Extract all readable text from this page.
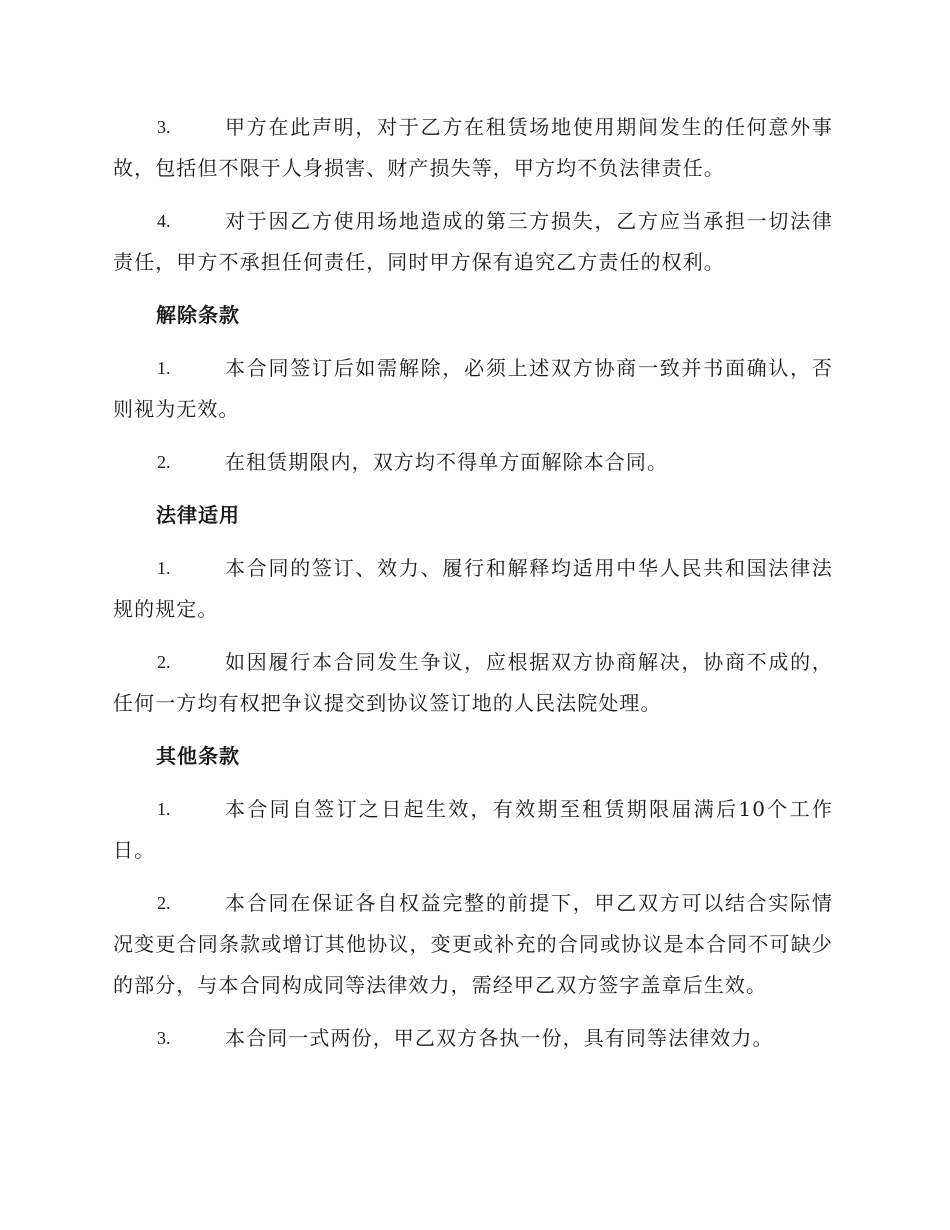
3.	甲方在此声明，对于乙方在租赁场地使用期间发生的任何意外事故，包括但不限于人身损害、财产损失等，甲方均不负法律责任。

4.	对于因乙方使用场地造成的第三方损失，乙方应当承担一切法律责任，甲方不承担任何责任，同时甲方保有追究乙方责任的权利。

解除条款

1.	本合同签订后如需解除，必须上述双方协商一致并书面确认，否则视为无效。

2.	在租赁期限内，双方均不得单方面解除本合同。

法律适用

1.	本合同的签订、效力、履行和解释均适用中华人民共和国法律法规的规定。

2.	如因履行本合同发生争议，应根据双方协商解决，协商不成的，任何一方均有权把争议提交到协议签订地的人民法院处理。

其他条款

1.	本合同自签订之日起生效，有效期至租赁期限届满后10个工作日。

2.	本合同在保证各自权益完整的前提下，甲乙双方可以结合实际情况变更合同条款或增订其他协议，变更或补充的合同或协议是本合同不可缺少的部分，与本合同构成同等法律效力，需经甲乙双方签字盖章后生效。

3.	本合同一式两份，甲乙双方各执一份，具有同等法律效力。
